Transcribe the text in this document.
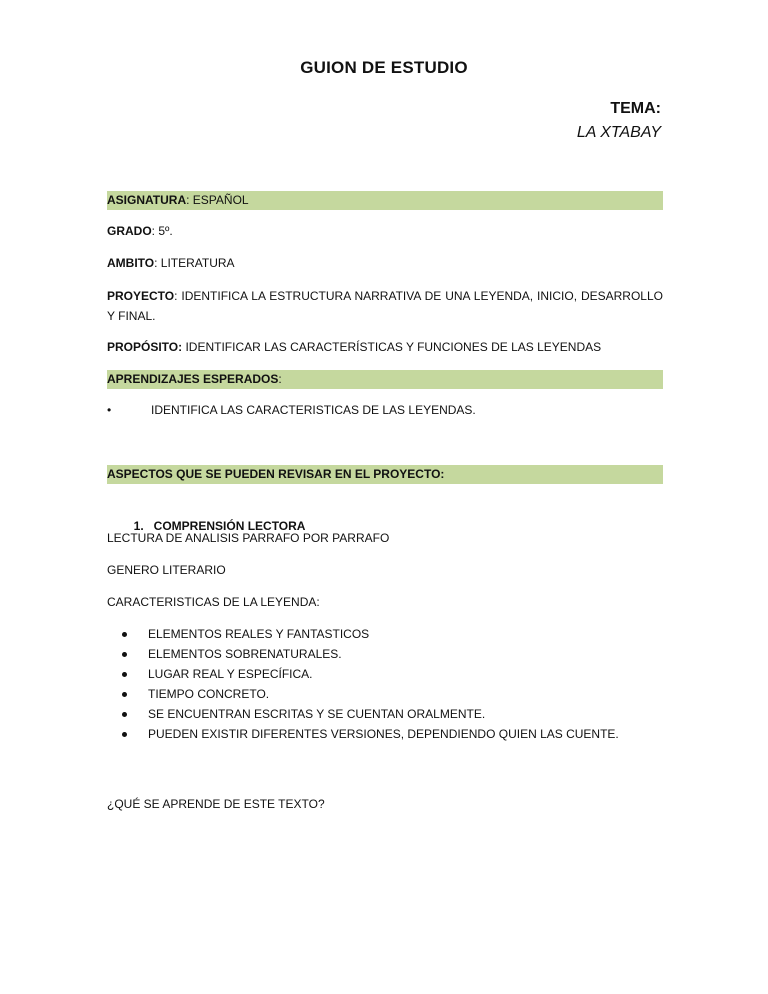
GUION DE ESTUDIO
TEMA:
LA XTABAY
ASIGNATURA: ESPAÑOL
GRADO: 5º.
AMBITO: LITERATURA
PROYECTO: IDENTIFICA LA ESTRUCTURA NARRATIVA DE UNA LEYENDA, INICIO, DESARROLLO Y FINAL.
PROPÓSITO: IDENTIFICAR LAS CARACTERÍSTICAS Y FUNCIONES DE LAS LEYENDAS
APRENDIZAJES ESPERADOS:
•	IDENTIFICA LAS CARACTERISTICAS DE LAS LEYENDAS.
ASPECTOS QUE SE PUEDEN REVISAR EN EL PROYECTO:

1.   COMPRENSIÓN LECTORA

LECTURA DE ANALISIS PARRAFO POR PARRAFO
GENERO LITERARIO
CARACTERISTICAS DE LA LEYENDA:
ELEMENTOS REALES Y FANTASTICOS
ELEMENTOS SOBRENATURALES.
LUGAR REAL Y ESPECÍFICA.
TIEMPO CONCRETO.
SE ENCUENTRAN ESCRITAS Y SE CUENTAN ORALMENTE.
PUEDEN EXISTIR DIFERENTES VERSIONES, DEPENDIENDO QUIEN LAS CUENTE.
¿QUÉ SE APRENDE DE ESTE TEXTO?
